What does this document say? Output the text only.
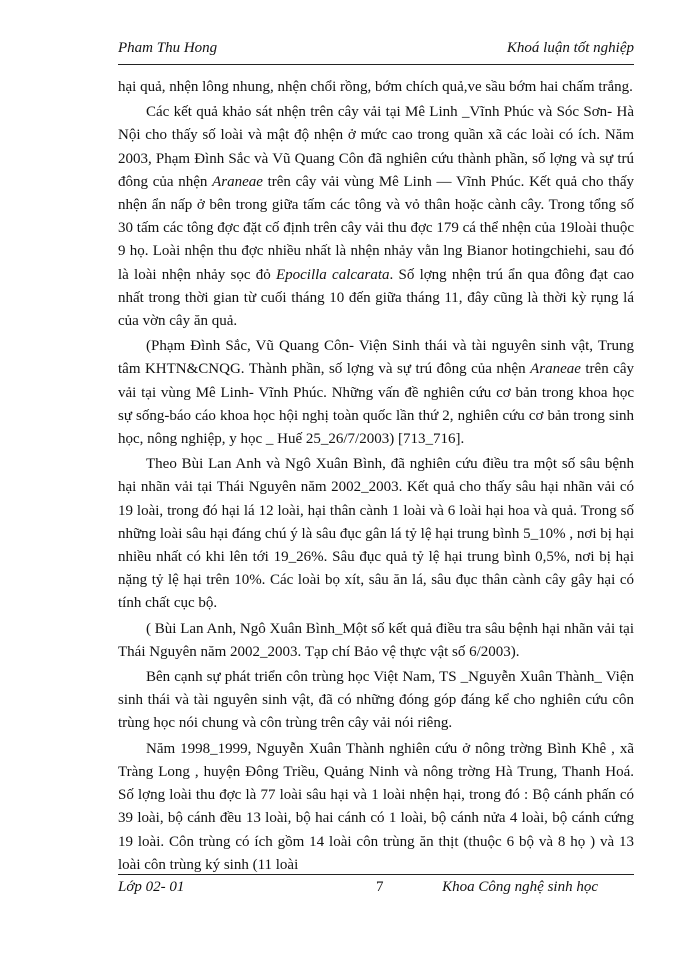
Pham Thu Hong	Khoá luận tốt nghiệp

hại quả, nhện lông nhung, nhện chổi rồng, bớm chích quả,ve sầu bớm hai chấm trắng.

Các kết quả khảo sát nhện trên cây vải tại Mê Linh _Vĩnh Phúc và Sóc Sơn- Hà Nội cho thấy số loài và mật độ nhện ở mức cao trong quần xã các loài có ích. Năm 2003, Phạm Đình Sắc và Vũ Quang Côn đã nghiên cứu thành phần, số lợng và sự trú đông của nhện Araneae trên cây vải vùng Mê Linh — Vĩnh Phúc. Kết quả cho thấy nhện ẩn nấp ở bên trong giữa tấm các tông và vỏ thân hoặc cành cây. Trong tổng số 30 tấm các tông đợc đặt cố định trên cây vải thu đợc 179 cá thể nhện của 19loài thuộc 9 họ. Loài nhện thu đợc nhiều nhất là nhện nhảy vằn lng Bianor hotingchiehi, sau đó là loài nhện nhảy sọc đỏ Epocilla calcarata. Số lợng nhện trú ẩn qua đông đạt cao nhất trong thời gian từ cuối tháng 10 đến giữa tháng 11, đây cũng là thời kỳ rụng lá của vờn cây ăn quả.

(Phạm Đình Sắc, Vũ Quang Côn- Viện Sinh thái và tài nguyên sinh vật, Trung tâm KHTN&CNQG. Thành phần, số lợng và sự trú đông của nhện Araneae trên cây vải tại vùng Mê Linh- Vĩnh Phúc. Những vấn đề nghiên cứu cơ bản trong khoa học sự sống-báo cáo khoa học hội nghị toàn quốc lần thứ 2, nghiên cứu cơ bản trong sinh học, nông nghiệp, y học _ Huế 25_26/7/2003) [713_716].

Theo Bùi Lan Anh và Ngô Xuân Bình, đã nghiên cứu điều tra một số sâu bệnh hại nhãn vải tại Thái Nguyên năm 2002_2003. Kết quả cho thấy sâu hại nhãn vải có 19 loài, trong đó hại lá 12 loài, hại thân cành 1 loài và 6 loài hại hoa và quả. Trong số những loài sâu hại đáng chú ý là sâu đục gân lá tỷ lệ hại trung bình 5_10% , nơi bị hại nhiều nhất có khi lên tới 19_26%. Sâu đục quả tỷ lệ hại trung bình 0,5%, nơi bị hại nặng tỷ lệ hại trên 10%. Các loài bọ xít, sâu ăn lá, sâu đục thân cành cây gây hại có tính chất cục bộ.

( Bùi Lan Anh, Ngô Xuân Bình_Một số kết quả điều tra sâu bệnh hại nhãn vải tại Thái Nguyên năm 2002_2003. Tạp chí Bảo vệ thực vật số 6/2003).

Bên cạnh sự phát triển côn trùng học Việt Nam, TS _Nguyễn Xuân Thành_ Viện sinh thái và tài nguyên sinh vật, đã có những đóng góp đáng kể cho nghiên cứu côn trùng học nói chung và côn trùng trên cây vải nói riêng.

Năm 1998_1999, Nguyễn Xuân Thành nghiên cứu ở nông trờng Bình Khê , xã Tràng Long , huyện Đông Triều, Quảng Ninh và nông trờng Hà Trung, Thanh Hoá. Số lợng loài thu đợc là 77 loài sâu hại và 1 loài nhện hại, trong đó : Bộ cánh phấn có 39 loài, bộ cánh đều 13 loài, bộ hai cánh có 1 loài, bộ cánh nửa 4 loài, bộ cánh cứng 19 loài. Côn trùng có ích gồm 14 loài côn trùng ăn thịt (thuộc 6 bộ và 8 họ ) và 13 loài côn trùng ký sinh (11 loài

Lớp 02- 01	7	Khoa Công nghệ sinh học
